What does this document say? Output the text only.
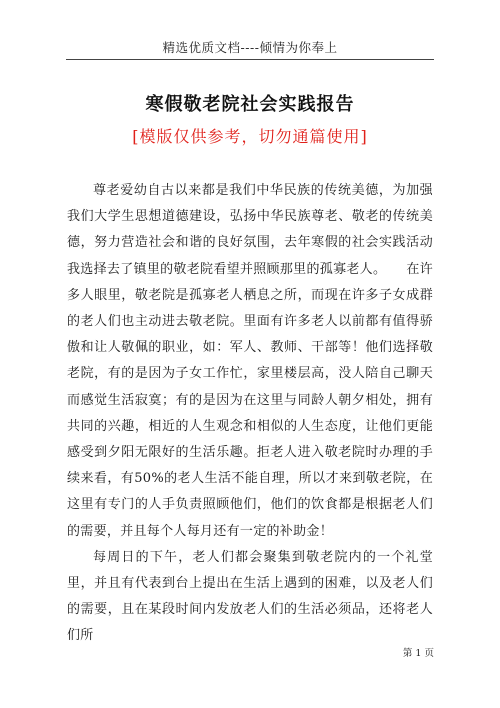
精选优质文档----倾情为你奉上
寒假敬老院社会实践报告
[模版仅供参考，切勿通篇使用]

尊老爱幼自古以来都是我们中华民族的传统美德，为加强我们大学生思想道德建设，弘扬中华民族尊老、敬老的传统美德，努力营造社会和谐的良好氛围，去年寒假的社会实践活动我选择去了镇里的敬老院看望并照顾那里的孤寡老人。　　在许多人眼里，敬老院是孤寡老人栖息之所，而现在许多子女成群的老人们也主动进去敬老院。里面有许多老人以前都有值得骄傲和让人敬佩的职业，如：军人、教师、干部等！他们选择敬老院，有的是因为子女工作忙，家里楼层高，没人陪自己聊天而感觉生活寂寞；有的是因为在这里与同龄人朝夕相处，拥有共同的兴趣，相近的人生观念和相似的人生态度，让他们更能感受到夕阳无限好的生活乐趣。拒老人进入敬老院时办理的手续来看，有50%的老人生活不能自理，所以才来到敬老院，在这里有专门的人手负责照顾他们，他们的饮食都是根据老人们的需要，并且每个人每月还有一定的补助金！

每周日的下午，老人们都会聚集到敬老院内的一个礼堂里，并且有代表到台上提出在生活上遇到的困难，以及老人们的需要，且在某段时间内发放老人们的生活必须品，还将老人们所

第 1 页
